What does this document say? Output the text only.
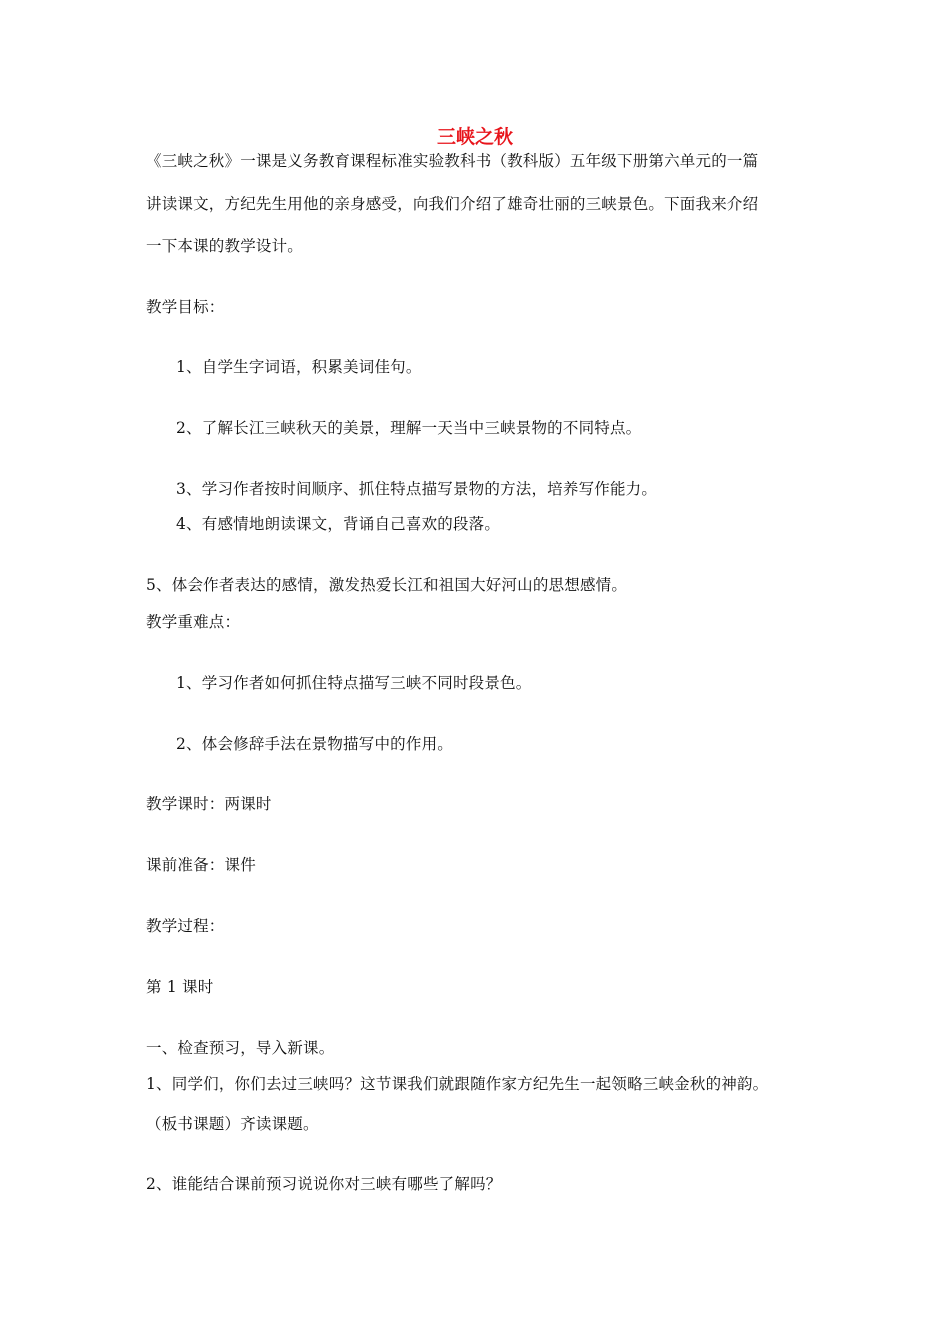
三峡之秋
《三峡之秋》一课是义务教育课程标准实验教科书（教科版）五年级下册第六单元的一篇
讲读课文，方纪先生用他的亲身感受，向我们介绍了雄奇壮丽的三峡景色。下面我来介绍
一下本课的教学设计。
教学目标：
1、自学生字词语，积累美词佳句。
2、了解长江三峡秋天的美景，理解一天当中三峡景物的不同特点。
3、学习作者按时间顺序、抓住特点描写景物的方法，培养写作能力。
4、有感情地朗读课文，背诵自己喜欢的段落。
5、体会作者表达的感情，激发热爱长江和祖国大好河山的思想感情。
教学重难点：
1、学习作者如何抓住特点描写三峡不同时段景色。
2、体会修辞手法在景物描写中的作用。
教学课时：两课时
课前准备：课件
教学过程：
第 1 课时
一、检查预习，导入新课。
1、同学们，你们去过三峡吗？这节课我们就跟随作家方纪先生一起领略三峡金秋的神韵。
（板书课题）齐读课题。
2、谁能结合课前预习说说你对三峡有哪些了解吗？
